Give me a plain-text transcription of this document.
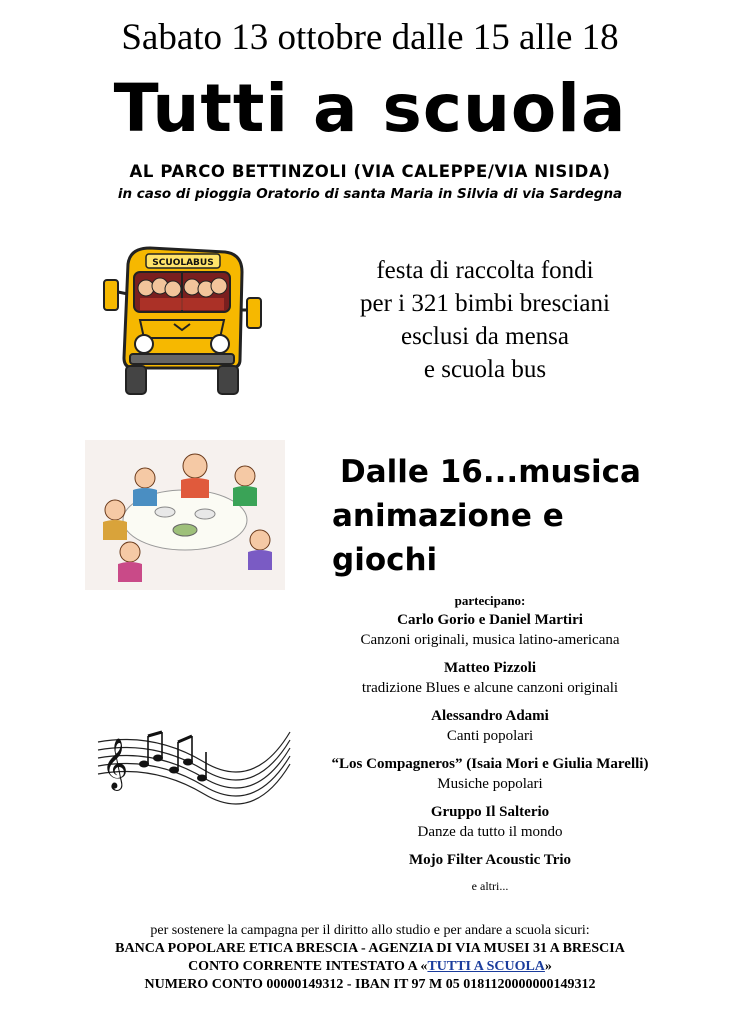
Sabato 13 ottobre dalle 15 alle 18
Tutti a scuola
AL PARCO BETTINZOLI (VIA CALEPPE/VIA NISIDA)
in caso di pioggia Oratorio di santa Maria in Silvia di via Sardegna
SCUOLABUS	festa di raccolta fondi
per i 321 bimbi bresciani
esclusi da mensa
e scuola bus
Dalle 16...musica
animazione e giochi
𝄞
partecipano:
Carlo Gorio e Daniel Martiri
Canzoni originali, musica latino-americana
Matteo Pizzoli
tradizione Blues e alcune canzoni originali
Alessandro Adami
Canti popolari
“Los Compagneros” (Isaia Mori e Giulia Marelli)
Musiche popolari
Gruppo Il Salterio
Danze da tutto il mondo
Mojo Filter Acoustic Trio
e altri...
per sostenere la campagna per il diritto allo studio e per andare a scuola sicuri:
BANCA POPOLARE ETICA BRESCIA - AGENZIA DI VIA MUSEI 31 A BRESCIA
CONTO CORRENTE INTESTATO A «TUTTI A SCUOLA»
NUMERO CONTO 00000149312 - IBAN IT 97 M 05 0181120000000149312
